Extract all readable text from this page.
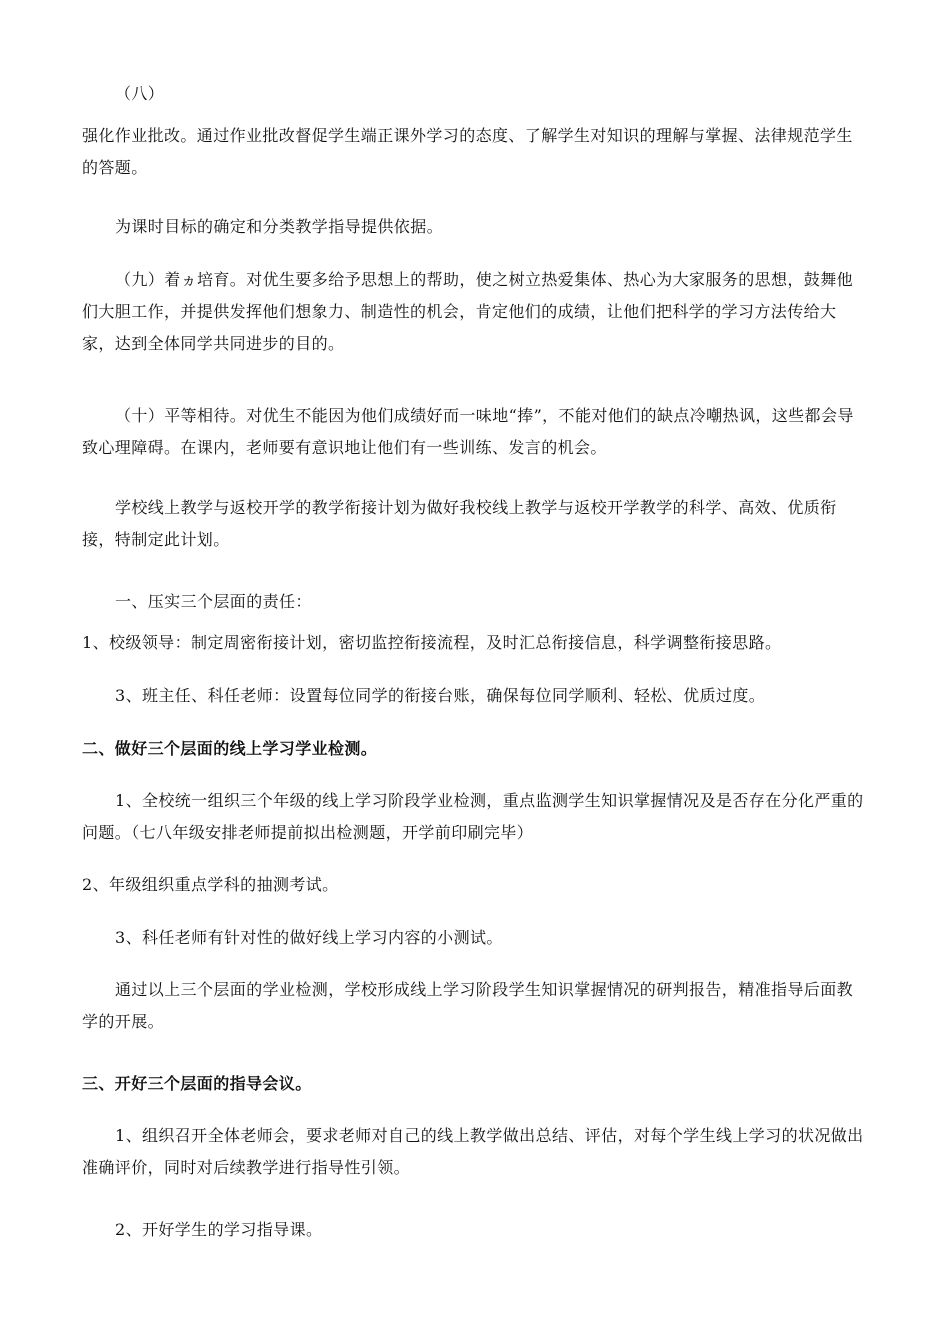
（八）

强化作业批改。通过作业批改督促学生端正课外学习的态度、了解学生对知识的理解与掌握、法律规范学生的答题。

为课时目标的确定和分类教学指导提供依据。

（九）着ヵ培育。对优生要多给予思想上的帮助，使之树立热爱集体、热心为大家服务的思想，鼓舞他们大胆工作，并提供发挥他们想象力、制造性的机会，肯定他们的成绩，让他们把科学的学习方法传给大家，达到全体同学共同进步的目的。

（十）平等相待。对优生不能因为他们成绩好而一味地“捧”，不能对他们的缺点冷嘲热讽，这些都会导致心理障碍。在课内，老师要有意识地让他们有一些训练、发言的机会。

学校线上教学与返校开学的教学衔接计划为做好我校线上教学与返校开学教学的科学、高效、优质衔接，特制定此计划。

一、压实三个层面的责任：

1、校级领导：制定周密衔接计划，密切监控衔接流程，及时汇总衔接信息，科学调整衔接思路。

3、班主任、科任老师：设置每位同学的衔接台账，确保每位同学顺利、轻松、优质过度。

二、做好三个层面的线上学习学业检测。

1、全校统一组织三个年级的线上学习阶段学业检测，重点监测学生知识掌握情况及是否存在分化严重的问题。（七八年级安排老师提前拟出检测题，开学前印刷完毕）

2、年级组织重点学科的抽测考试。

3、科任老师有针对性的做好线上学习内容的小测试。

通过以上三个层面的学业检测，学校形成线上学习阶段学生知识掌握情况的研判报告，精准指导后面教学的开展。

三、开好三个层面的指导会议。

1、组织召开全体老师会，要求老师对自己的线上教学做出总结、评估，对每个学生线上学习的状况做出准确评价，同时对后续教学进行指导性引领。

2、开好学生的学习指导课。
